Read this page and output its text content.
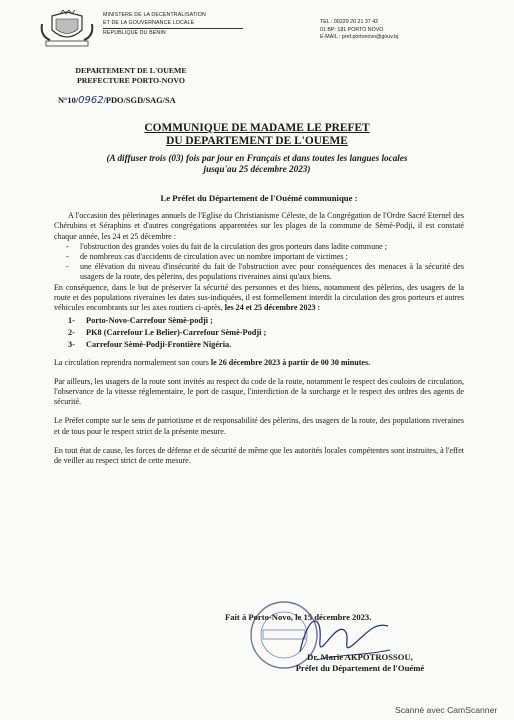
MINISTERE DE LA DECENTRALISATION
ET DE LA GOUVERNANCE LOCALE
REPUBLIQUE DU BENIN
TEL : 00229 20 21 37 42
01 BP: 181 PORTO NOVO
E-MAIL : pref.portonovo@gouv.bj
DEPARTEMENT DE L'OUEME
PREFECTURE PORTO-NOVO
N°10/0962/PDO/SGD/SAG/SA
COMMUNIQUE DE MADAME LE PREFET
DU DEPARTEMENT DE L'OUEME
(A diffuser trois (03) fois par jour en Français et dans toutes les langues locales
jusqu'au 25 décembre 2023)

Le Préfet du Département de l'Ouémé communique :

A l'occasion des pèlerinages annuels de l'Eglise du Christianisme Céleste, de la Congrégation de l'Ordre Sacré Eternel des Chérubins et Séraphins et d'autres congrégations apparentées sur les plages de la commune de Sèmè-Podji, il est constaté chaque année, les 24 et 25 décembre :

- l'obstruction des grandes voies du fait de la circulation des gros porteurs dans ladite commune ;
- de nombreux cas d'accidents de circulation avec un nombre important de victimes ;
- une élévation du niveau d'insécurité du fait de l'obstruction avec pour conséquences des menaces à la sécurité des usagers de la route, des pèlerins, des populations riveraines ainsi qu'aux biens.

En conséquence, dans le but de préserver la sécurité des personnes et des biens, notamment des pèlerins, des usagers de la route et des populations riveraines les dates sus-indiquées, il est formellement interdit la circulation des gros porteurs et autres véhicules encombrants sur les axes routiers ci-après, les 24 et 25 décembre 2023 :

1- Porto-Novo-Carrefour Sèmè-podji ;
2- PK8 (Carrefour Le Belier)-Carrefour Sèmè-Podji ;
3- Carrefour Sèmè-Podji-Frontière Nigéria.

La circulation reprendra normalement son cours le 26 décembre 2023 à partir de 00 30 minutes.

Par ailleurs, les usagers de la route sont invités au respect du code de la route, notamment le respect des couloirs de circulation, l'observance de la vitesse réglementaire, le port de casque, l'interdiction de la surcharge et le respect des ordres des agents de sécurité.

Le Préfet compte sur le sens de patriotisme et de responsabilité des pèlerins, des usagers de la route, des populations riveraines et de tous pour le respect strict de la présente mesure.

En tout état de cause, les forces de défense et de sécurité de même que les autorités locales compétentes sont instruites, à l'effet de veiller au respect strict de cette mesure.

Fait à Porto-Novo, le 15 décembre 2023.
Dr. Marie AKPOTROSSOU,
Préfet du Département de l'Ouémé
Scanné avec CamScanner
